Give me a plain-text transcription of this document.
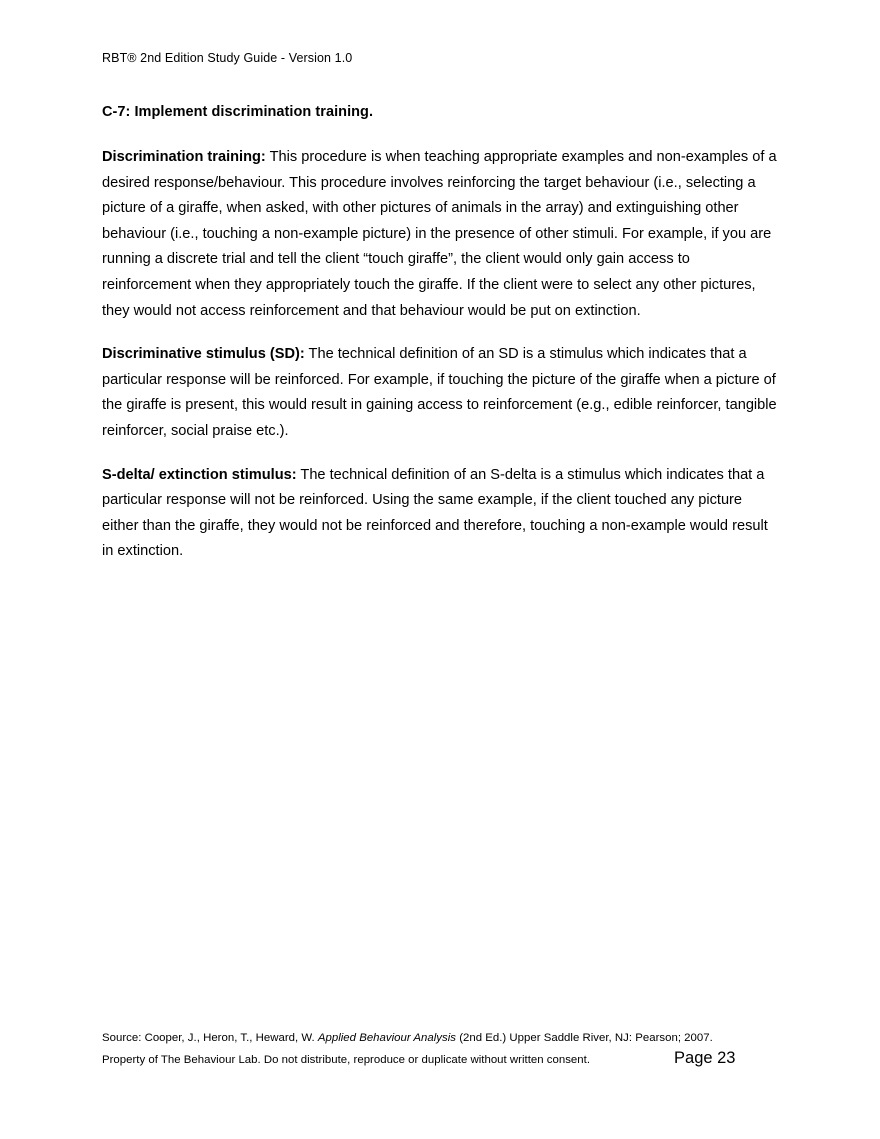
RBT® 2nd Edition Study Guide - Version 1.0
C-7: Implement discrimination training.

Discrimination training: This procedure is when teaching appropriate examples and non-examples of a desired response/behaviour. This procedure involves reinforcing the target behaviour (i.e., selecting a picture of a giraffe, when asked, with other pictures of animals in the array) and extinguishing other behaviour (i.e., touching a non-example picture) in the presence of other stimuli. For example, if you are running a discrete trial and tell the client “touch giraffe”, the client would only gain access to reinforcement when they appropriately touch the giraffe. If the client were to select any other pictures, they would not access reinforcement and that behaviour would be put on extinction.

Discriminative stimulus (SD): The technical definition of an SD is a stimulus which indicates that a particular response will be reinforced. For example, if touching the picture of the giraffe when a picture of the giraffe is present, this would result in gaining access to reinforcement (e.g., edible reinforcer, tangible reinforcer, social praise etc.).

S-delta/ extinction stimulus: The technical definition of an S-delta is a stimulus which indicates that a particular response will not be reinforced. Using the same example, if the client touched any picture either than the giraffe, they would not be reinforced and therefore, touching a non-example would result in extinction.

Source: Cooper, J., Heron, T., Heward, W. Applied Behaviour Analysis (2nd Ed.) Upper Saddle River, NJ: Pearson; 2007.
Property of The Behaviour Lab. Do not distribute, reproduce or duplicate without written consent.	Page 23
